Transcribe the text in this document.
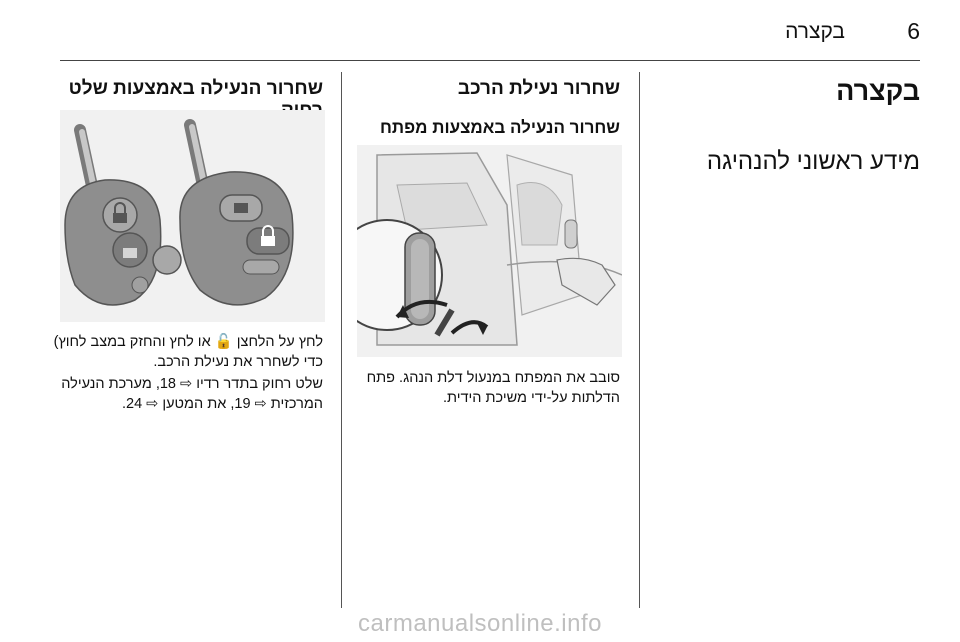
בקצרה	6
בקצרה
מידע ראשוני להנהיגה
שחרור נעילת הרכב
שחרור הנעילה באמצעות מפתח
סובב את המפתח במנעול דלת הנהג. פתח הדלתות על-ידי משיכת הידית.
שחרור הנעילה באמצעות שלט
לחץ על הלחצן 🔓 או לחץ והחזק במצב לחוץ) כדי לשחרר את נעילת הרכב.
שלט רחוק בתדר רדיו ⇨ 18, מערכת הנעילה המרכזית ⇨ 19, את המטען ⇨ 24.
carmanualsonline.info
